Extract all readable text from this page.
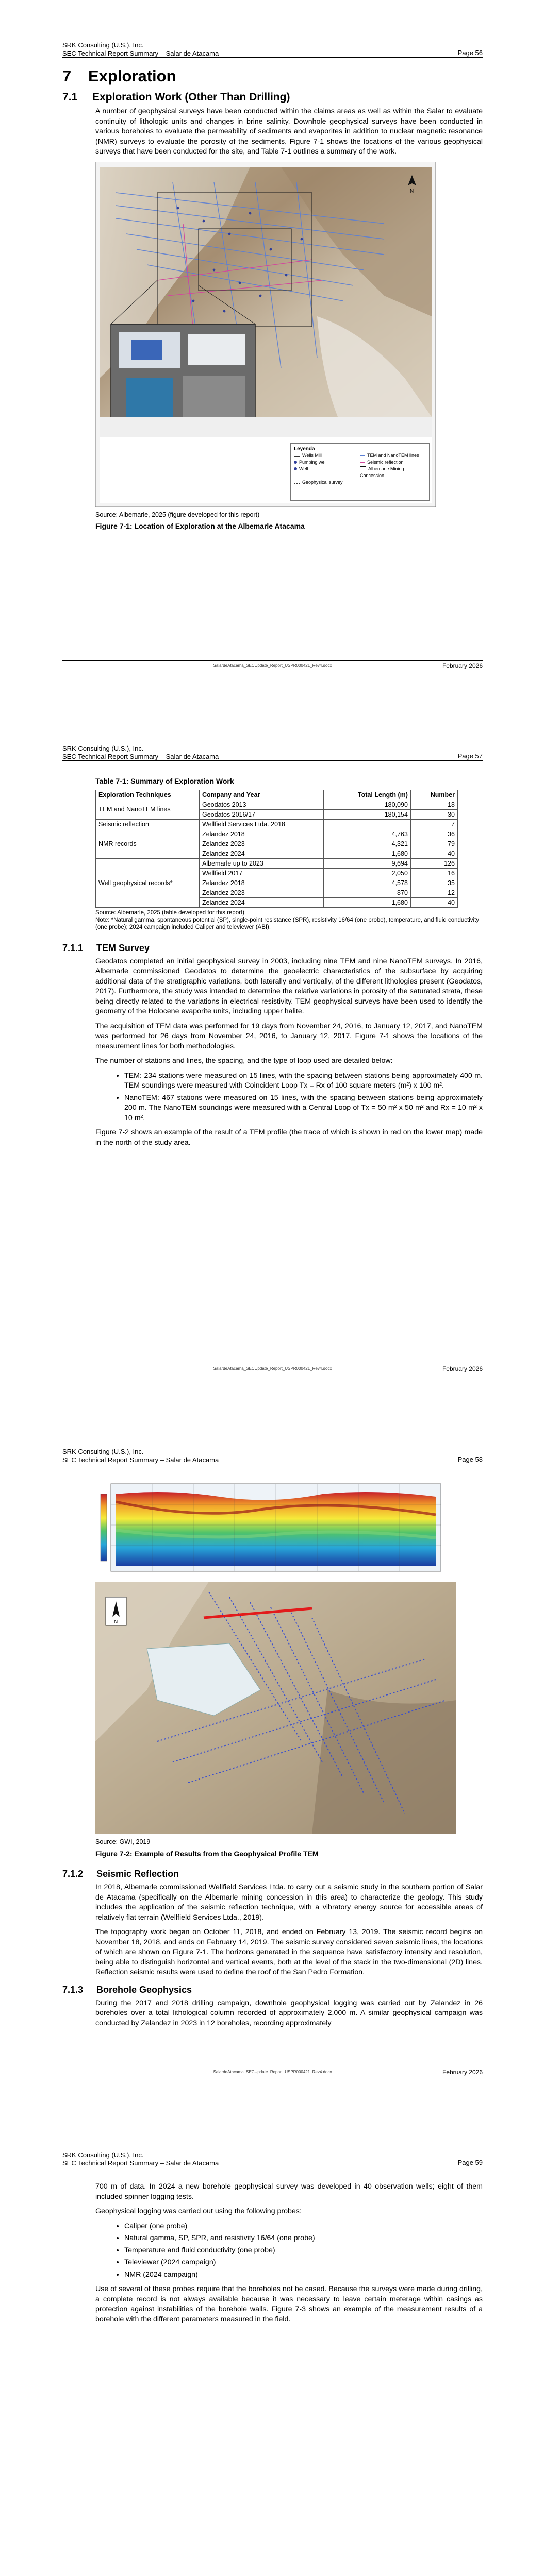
SRK Consulting (U.S.), Inc.
SEC Technical Report Summary – Salar de Atacama	Page 56
7 Exploration
7.1 Exploration Work (Other Than Drilling)

A number of geophysical surveys have been conducted within the claims areas as well as within the Salar to evaluate continuity of lithologic units and changes in brine salinity. Downhole geophysical surveys have been conducted in various boreholes to evaluate the permeability of sediments and evaporites in addition to nuclear magnetic resonance (NMR) surveys to evaluate the porosity of the sediments. Figure 7-1 shows the locations of the various geophysical surveys that have been conducted for the site, and Table 7-1 outlines a summary of the work.

N
Leyenda
Wells Mill	TEM and NanoTEM lines
Pumping well	Seismic reflection
Well	Albemarle Mining Concession
Geophysical survey
Source: Albemarle, 2025 (figure developed for this report)
Figure 7-1: Location of Exploration at the Albemarle Atacama
SalardeAtacama_SECUpdate_Report_USPR000421_Rev4.docx	February 2026
SRK Consulting (U.S.), Inc.
SEC Technical Report Summary – Salar de Atacama	Page 57
Table 7-1: Summary of Exploration Work
Exploration Techniques	Company and Year	Total Length (m)	Number
TEM and NanoTEM lines	Geodatos 2013	180,090	18
	Geodatos 2016/17	180,154	30
Seismic reflection	Wellfield Services Ltda. 2018		7
NMR records	Zelandez 2018	4,763	36
	Zelandez 2023	4,321	79
	Zelandez 2024	1,680	40
Well geophysical records*	Albemarle up to 2023	9,694	126
	Wellfield 2017	2,050	16
	Zelandez 2018	4,578	35
	Zelandez 2023	870	12
	Zelandez 2024	1,680	40
Source: Albemarle, 2025 (table developed for this report)
Note: *Natural gamma, spontaneous potential (SP), single-point resistance (SPR), resistivity 16/64 (one probe), temperature, and fluid conductivity (one probe); 2024 campaign included Caliper and televiewer (ABI).
7.1.1 TEM Survey

Geodatos completed an initial geophysical survey in 2003, including nine TEM and nine NanoTEM surveys. In 2016, Albemarle commissioned Geodatos to determine the geoelectric characteristics of the subsurface by acquiring additional data of the stratigraphic variations, both laterally and vertically, of the different lithologies present (Geodatos, 2017). Furthermore, the study was intended to determine the relative variations in porosity of the saturated strata, these being directly related to the variations in electrical resistivity. TEM geophysical surveys have been used to identify the geometry of the Holocene evaporite units, including upper halite.

The acquisition of TEM data was performed for 19 days from November 24, 2016, to January 12, 2017, and NanoTEM was performed for 26 days from November 24, 2016, to January 12, 2017. Figure 7-1 shows the locations of the measurement lines for both methodologies.

The number of stations and lines, the spacing, and the type of loop used are detailed below:

• TEM: 234 stations were measured on 15 lines, with the spacing between stations being approximately 400 m. TEM soundings were measured with Coincident Loop Tx = Rx of 100 square meters (m²) x 100 m².
• NanoTEM: 467 stations were measured on 15 lines, with the spacing between stations being approximately 200 m. The NanoTEM soundings were measured with a Central Loop of Tx = 50 m² x 50 m² and Rx = 10 m² x 10 m².

Figure 7-2 shows an example of the result of a TEM profile (the trace of which is shown in red on the lower map) made in the north of the study area.

SalardeAtacama_SECUpdate_Report_USPR000421_Rev4.docx	February 2026
SRK Consulting (U.S.), Inc.
SEC Technical Report Summary – Salar de Atacama	Page 58
N
Source: GWI, 2019
Figure 7-2: Example of Results from the Geophysical Profile TEM
7.1.2 Seismic Reflection

In 2018, Albemarle commissioned Wellfield Services Ltda. to carry out a seismic study in the southern portion of Salar de Atacama (specifically on the Albemarle mining concession in this area) to characterize the geology. This study includes the application of the seismic reflection technique, with a vibratory energy source for accessible areas of relatively flat terrain (Wellfield Services Ltda., 2019).

The topography work began on October 11, 2018, and ended on February 13, 2019. The seismic record begins on November 18, 2018, and ends on February 14, 2019. The seismic survey considered seven seismic lines, the locations of which are shown on Figure 7-1. The horizons generated in the sequence have satisfactory intensity and resolution, being able to distinguish horizontal and vertical events, both at the level of the stack in the two-dimensional (2D) lines. Reflection seismic results were used to define the roof of the San Pedro Formation.

7.1.3 Borehole Geophysics

During the 2017 and 2018 drilling campaign, downhole geophysical logging was carried out by Zelandez in 26 boreholes over a total lithological column recorded of approximately 2,000 m. A similar geophysical campaign was conducted by Zelandez in 2023 in 12 boreholes, recording approximately

SalardeAtacama_SECUpdate_Report_USPR000421_Rev4.docx	February 2026
SRK Consulting (U.S.), Inc.
SEC Technical Report Summary – Salar de Atacama	Page 59

700 m of data. In 2024 a new borehole geophysical survey was developed in 40 observation wells; eight of them included spinner logging tests.

Geophysical logging was carried out using the following probes:

• Caliper (one probe)
• Natural gamma, SP, SPR, and resistivity 16/64 (one probe)
• Temperature and fluid conductivity (one probe)
• Televiewer (2024 campaign)
• NMR (2024 campaign)

Use of several of these probes require that the boreholes not be cased. Because the surveys were made during drilling, a complete record is not always available because it was necessary to leave certain meterage within casings as protection against instabilities of the borehole walls. Figure 7-3 shows an example of the measurement results of a borehole with the different parameters measured in the field.
